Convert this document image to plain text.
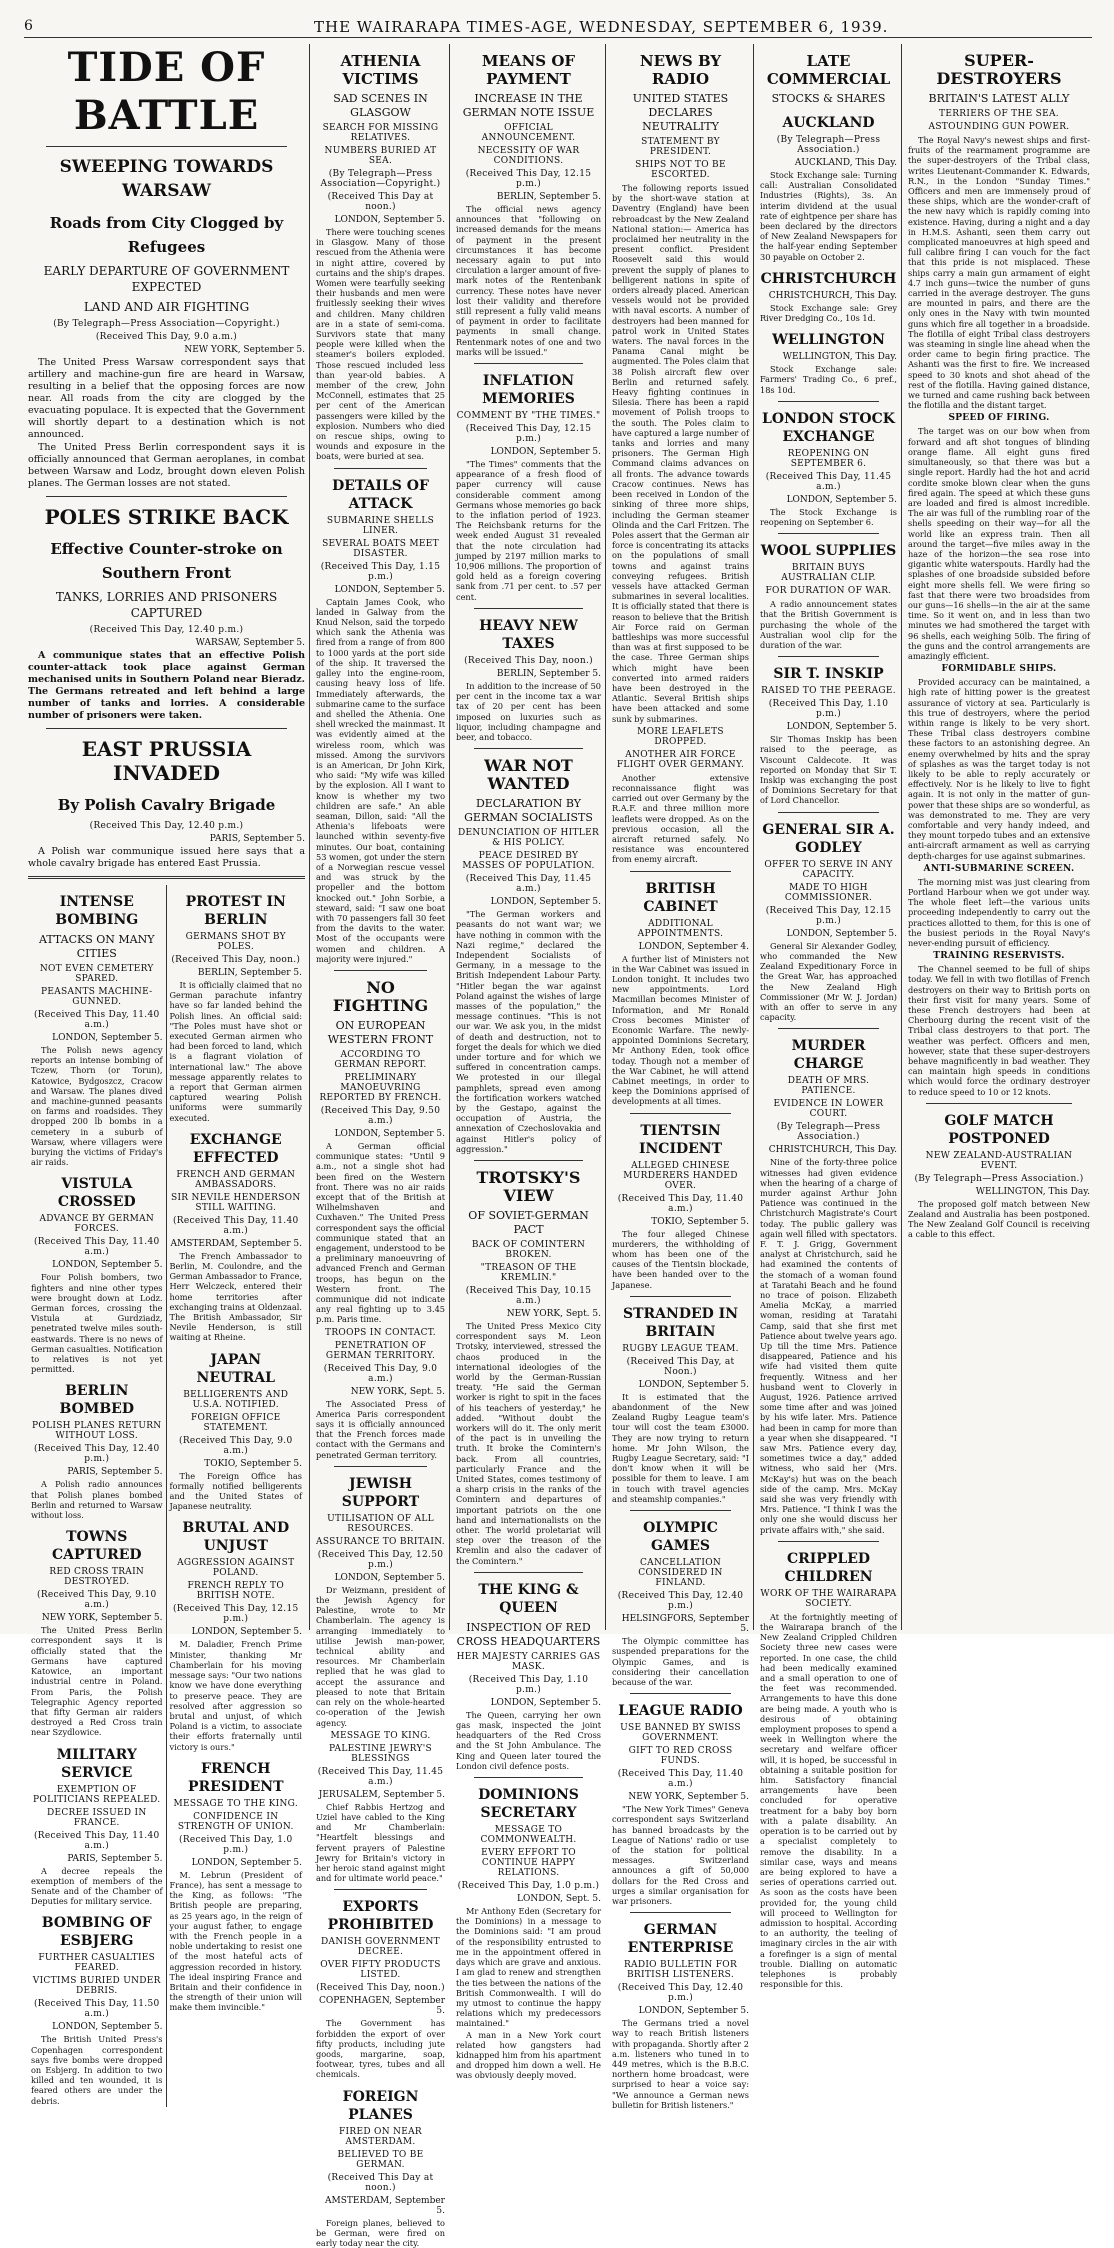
6	THE WAIRARAPA TIMES-AGE, WEDNESDAY, SEPTEMBER 6, 1939.
TIDE OF BATTLE
SWEEPING TOWARDS WARSAW
Roads from City Clogged by Refugees
EARLY DEPARTURE OF GOVERNMENT EXPECTED
LAND AND AIR FIGHTING
(By Telegraph—Press Association—Copyright.)
(Received This Day, 9.0 a.m.)
NEW YORK, September 5.

The United Press Warsaw correspondent says that artillery and machine-gun fire are heard in Warsaw, resulting in a belief that the opposing forces are now near. All roads from the city are clogged by the evacuating populace. It is expected that the Government will shortly depart to a destination which is not announced.

The United Press Berlin correspondent says it is officially announced that German aeroplanes, in combat between Warsaw and Lodz, brought down eleven Polish planes. The German losses are not stated.

POLES STRIKE BACK
Effective Counter-stroke on Southern Front
TANKS, LORRIES AND PRISONERS CAPTURED
(Received This Day, 12.40 p.m.)
WARSAW, September 5.

A communique states that an effective Polish counter-attack took place against German mechanised units in Southern Poland near Bieradz. The Germans retreated and left behind a large number of tanks and lorries. A considerable number of prisoners were taken.

EAST PRUSSIA INVADED
By Polish Cavalry Brigade
(Received This Day, 12.40 p.m.)
PARIS, September 5.

A Polish war communique issued here says that a whole cavalry brigade has entered East Prussia.

INTENSE BOMBING
ATTACKS ON MANY CITIES
NOT EVEN CEMETERY SPARED.
PEASANTS MACHINE-GUNNED.
(Received This Day, 11.40 a.m.)
LONDON, September 5.

The Polish news agency reports an intense bombing of Tczew, Thorn (or Torun), Katowice, Bydgoszcz, Cracow and Warsaw. The planes dived and machine-gunned peasants on farms and roadsides. They dropped 200 lb bombs in a cemetery in a suburb of Warsaw, where villagers were burying the victims of Friday's air raids.

VISTULA CROSSED
ADVANCE BY GERMAN FORCES.
(Received This Day, 11.40 a.m.)
LONDON, September 5.

Four Polish bombers, two fighters and nine other types were brought down at Lodz. German forces, crossing the Vistula at Gurdziadz, penetrated twelve miles south-eastwards. There is no news of German casualties. Notification to relatives is not yet permitted.

BERLIN BOMBED
POLISH PLANES RETURN WITHOUT LOSS.
(Received This Day, 12.40 p.m.)
PARIS, September 5.

A Polish radio announces that Polish planes bombed Berlin and returned to Warsaw without loss.

TOWNS CAPTURED
RED CROSS TRAIN DESTROYED.
(Received This Day, 9.10 a.m.)
NEW YORK, September 5.

The United Press Berlin correspondent says it is officially stated that the Germans have captured Katowice, an important industrial centre in Poland. From Paris, the Polish Telegraphic Agency reported that fifty German air raiders destroyed a Red Cross train near Szydlowice.

MILITARY SERVICE
EXEMPTION OF POLITICIANS REPEALED.
DECREE ISSUED IN FRANCE.
(Received This Day, 11.40 a.m.)
PARIS, September 5.

A decree repeals the exemption of members of the Senate and of the Chamber of Deputies for military service.

BOMBING OF ESBJERG
FURTHER CASUALTIES FEARED.
VICTIMS BURIED UNDER DEBRIS.
(Received This Day, 11.50 a.m.)
LONDON, September 5.

The British United Press's Copenhagen correspondent says five bombs were dropped on Esbjerg. In addition to two killed and ten wounded, it is feared others are under the debris.

PROTEST IN BERLIN
GERMANS SHOT BY POLES.
(Received This Day, noon.)
BERLIN, September 5.

It is officially claimed that no German parachute infantry have so far landed behind the Polish lines. An official said: "The Poles must have shot or executed German airmen who had been forced to land, which is a flagrant violation of international law." The above message apparently relates to a report that German airmen captured wearing Polish uniforms were summarily executed.

EXCHANGE EFFECTED
FRENCH AND GERMAN AMBASSADORS.
SIR NEVILE HENDERSON STILL WAITING.
(Received This Day, 11.40 a.m.)
AMSTERDAM, September 5.

The French Ambassador to Berlin, M. Coulondre, and the German Ambassador to France, Herr Welczeck, entered their home territories after exchanging trains at Oldenzaal. The British Ambassador, Sir Nevile Henderson, is still waiting at Rheine.

JAPAN NEUTRAL
BELLIGERENTS AND U.S.A. NOTIFIED.
FOREIGN OFFICE STATEMENT.
(Received This Day, 9.0 a.m.)
TOKIO, September 5.

The Foreign Office has formally notified belligerents and the United States of Japanese neutrality.

BRUTAL AND UNJUST
AGGRESSION AGAINST POLAND.
FRENCH REPLY TO BRITISH NOTE.
(Received This Day, 12.15 p.m.)
LONDON, September 5.

M. Daladier, French Prime Minister, thanking Mr Chamberlain for his moving message says: "Our two nations know we have done everything to preserve peace. They are resolved after aggression so brutal and unjust, of which Poland is a victim, to associate their efforts fraternally until victory is ours."

FRENCH PRESIDENT
MESSAGE TO THE KING.
CONFIDENCE IN STRENGTH OF UNION.
(Received This Day, 1.0 p.m.)
LONDON, September 5.

M. Lebrun (President of France), has sent a message to the King, as follows: "The British people are preparing, as 25 years ago, in the reign of your august father, to engage with the French people in a noble undertaking to resist one of the most hateful acts of aggression recorded in history. The ideal inspiring France and Britain and their confidence in the strength of their union will make them invincible."

ATHENIA VICTIMS
SAD SCENES IN GLASGOW
SEARCH FOR MISSING RELATIVES.
NUMBERS BURIED AT SEA.
(By Telegraph—Press Association—Copyright.)
(Received This Day at noon.)
LONDON, September 5.

There were touching scenes in Glasgow. Many of those rescued from the Athenia were in night attire, covered by curtains and the ship's drapes. Women were tearfully seeking their husbands and men were fruitlessly seeking their wives and children. Many children are in a state of semi-coma. Survivors state that many people were killed when the steamer's boilers exploded. Those rescued included less than year-old babies. A member of the crew, John McConnell, estimates that 25 per cent of the American passengers were killed by the explosion. Numbers who died on rescue ships, owing to wounds and exposure in the boats, were buried at sea.

DETAILS OF ATTACK
SUBMARINE SHELLS LINER.
SEVERAL BOATS MEET DISASTER.
(Received This Day, 1.15 p.m.)
LONDON, September 5.

Captain James Cook, who landed in Galway from the Knud Nelson, said the torpedo which sank the Athenia was fired from a range of from 800 to 1000 yards at the port side of the ship. It traversed the galley into the engine-room, causing heavy loss of life. Immediately afterwards, the submarine came to the surface and shelled the Athenia. One shell wrecked the mainmast. It was evidently aimed at the wireless room, which was missed. Among the survivors is an American, Dr John Kirk, who said: "My wife was killed by the explosion. All I want to know is whether my two children are safe." An able seaman, Dillon, said: "All the Athenia's lifeboats were launched within seventy-five minutes. Our boat, containing 53 women, got under the stern of a Norwegian rescue vessel and was struck by the propeller and the bottom knocked out." John Sorbie, a steward, said: "I saw one boat with 70 passengers fall 30 feet from the davits to the water. Most of the occupants were women and children. A majority were injured."

NO FIGHTING
ON EUROPEAN WESTERN FRONT
ACCORDING TO GERMAN REPORT.
PRELIMINARY MANOEUVRING REPORTED BY FRENCH.
(Received This Day, 9.50 a.m.)
LONDON, September 5.

A German official communique states: "Until 9 a.m., not a single shot had been fired on the Western front. There was no air raids except that of the British at Wilhelmshaven and Cuxhaven." The United Press correspondent says the official communique stated that an engagement, understood to be a preliminary manoeuvring of advanced French and German troops, has begun on the Western front. The communique did not indicate any real fighting up to 3.45 p.m. Paris time.

TROOPS IN CONTACT.
PENETRATION OF GERMAN TERRITORY.
(Received This Day, 9.0 a.m.)
NEW YORK, Sept. 5.

The Associated Press of America Paris correspondent says it is officially announced that the French forces made contact with the Germans and penetrated German territory.

JEWISH SUPPORT
UTILISATION OF ALL RESOURCES.
ASSURANCE TO BRITAIN.
(Received This Day, 12.50 p.m.)
LONDON, September 5.

Dr Weizmann, president of the Jewish Agency for Palestine, wrote to Mr Chamberlain. The agency is arranging immediately to utilise Jewish man-power, technical ability and resources. Mr Chamberlain replied that he was glad to accept the assurance and pleased to note that Britain can rely on the whole-hearted co-operation of the Jewish agency.

MESSAGE TO KING.
PALESTINE JEWRY'S BLESSINGS
(Received This Day, 11.45 a.m.)
JERUSALEM, September 5.

Chief Rabbis Hertzog and Uziel have cabled to the King and Mr Chamberlain: "Heartfelt blessings and fervent prayers of Palestine Jewry for Britain's victory in her heroic stand against might and for ultimate world peace."

EXPORTS PROHIBITED
DANISH GOVERNMENT DECREE.
OVER FIFTY PRODUCTS LISTED.
(Received This Day, noon.)
COPENHAGEN, September 5.

The Government has forbidden the export of over fifty products, including jute goods, margarine, soap, footwear, tyres, tubes and all chemicals.

FOREIGN PLANES
FIRED ON NEAR AMSTERDAM.
BELIEVED TO BE GERMAN.
(Received This Day at noon.)
AMSTERDAM, September 5.

Foreign planes, believed to be German, were fired on early today near the city.

MEANS OF PAYMENT
INCREASE IN THE GERMAN NOTE ISSUE
OFFICIAL ANNOUNCEMENT.
NECESSITY OF WAR CONDITIONS.
(Received This Day, 12.15 p.m.)
BERLIN, September 5.

The official news agency announces that "following on increased demands for the means of payment in the present circumstances it has become necessary again to put into circulation a larger amount of five-mark notes of the Rentenbank currency. These notes have never lost their validity and therefore still represent a fully valid means of payment in order to facilitate payments in small change. Rentenmark notes of one and two marks will be issued."

INFLATION MEMORIES
COMMENT BY "THE TIMES."
(Received This Day, 12.15 p.m.)
LONDON, September 5.

"The Times" comments that the appearance of a fresh flood of paper currency will cause considerable comment among Germans whose memories go back to the inflation period of 1923. The Reichsbank returns for the week ended August 31 revealed that the note circulation had jumped by 2197 million marks to 10,906 millions. The proportion of gold held as a foreign covering sank from .71 per cent. to .57 per cent.

HEAVY NEW TAXES
(Received This Day, noon.)
BERLIN, September 5.

In addition to the increase of 50 per cent in the income tax a war tax of 20 per cent has been imposed on luxuries such as liquor, including champagne and beer, and tobacco.

WAR NOT WANTED
DECLARATION BY GERMAN SOCIALISTS
DENUNCIATION OF HITLER & HIS POLICY.
PEACE DESIRED BY MASSES OF POPULATION.
(Received This Day, 11.45 a.m.)
LONDON, September 5.

"The German workers and peasants do not want war; we have nothing in common with the Nazi regime," declared the Independent Socialists of Germany, in a message to the British Independent Labour Party. "Hitler began the war against Poland against the wishes of large masses of the population," the message continues. "This is not our war. We ask you, in the midst of death and destruction, not to forget the deals for which we died under torture and for which we suffered in concentration camps. We protested in our illegal pamphlets, spread even among the fortification workers watched by the Gestapo, against the occupation of Austria, the annexation of Czechoslovakia and against Hitler's policy of aggression."

TROTSKY'S VIEW
OF SOVIET-GERMAN PACT
BACK OF COMINTERN BROKEN.
"TREASON OF THE KREMLIN."
(Received This Day, 10.15 a.m.)
NEW YORK, Sept. 5.

The United Press Mexico City correspondent says M. Leon Trotsky, interviewed, stressed the chaos produced in the international ideologies of the world by the German-Russian treaty. "He said the German worker is right to spit in the faces of his teachers of yesterday," he added. "Without doubt the workers will do it. The only merit of the pact is in unveiling the truth. It broke the Comintern's back. From all countries, particularly France and the United States, comes testimony of a sharp crisis in the ranks of the Comintern and departures of important patriots on the one hand and internationalists on the other. The world proletariat will step over the treason of the Kremlin and also the cadaver of the Comintern."

THE KING & QUEEN
INSPECTION OF RED CROSS HEADQUARTERS
HER MAJESTY CARRIES GAS MASK.
(Received This Day, 1.10 p.m.)
LONDON, September 5.

The Queen, carrying her own gas mask, inspected the joint headquarters of the Red Cross and the St John Ambulance. The King and Queen later toured the London civil defence posts.

DOMINIONS SECRETARY
MESSAGE TO COMMONWEALTH.
EVERY EFFORT TO CONTINUE HAPPY RELATIONS.
(Received This Day, 1.0 p.m.)
LONDON, Sept. 5.

Mr Anthony Eden (Secretary for the Dominions) in a message to the Dominions said: "I am proud of the responsibility entrusted to me in the appointment offered in days which are grave and anxious. I am glad to renew and strengthen the ties between the nations of the British Commonwealth. I will do my utmost to continue the happy relations which my predecessors maintained."

A man in a New York court related how gangsters had kidnapped him from his apartment and dropped him down a well. He was obviously deeply moved.

NEWS BY RADIO
UNITED STATES DECLARES NEUTRALITY
STATEMENT BY PRESIDENT.
SHIPS NOT TO BE ESCORTED.

The following reports issued by the short-wave station at Daventry (England) have been rebroadcast by the New Zealand National station:— America has proclaimed her neutrality in the present conflict. President Roosevelt said this would prevent the supply of planes to belligerent nations in spite of orders already placed. American vessels would not be provided with naval escorts. A number of destroyers had been manned for patrol work in United States waters. The naval forces in the Panama Canal might be augmented. The Poles claim that 38 Polish aircraft flew over Berlin and returned safely. Heavy fighting continues in Silesia. There has been a rapid movement of Polish troops to the south. The Poles claim to have captured a large number of tanks and lorries and many prisoners. The German High Command claims advances on all fronts. The advance towards Cracow continues. News has been received in London of the sinking of three more ships, including the German steamer Olinda and the Carl Fritzen. The Poles assert that the German air force is concentrating its attacks on the populations of small towns and against trains conveying refugees. British vessels have attacked German submarines in several localities. It is officially stated that there is reason to believe that the British Air Force raid on German battleships was more successful than was at first supposed to be the case. Three German ships which might have been converted into armed raiders have been destroyed in the Atlantic. Several British ships have been attacked and some sunk by submarines.

MORE LEAFLETS DROPPED.
ANOTHER AIR FORCE FLIGHT OVER GERMANY.

Another extensive reconnaissance flight was carried out over Germany by the R.A.F. and three million more leaflets were dropped. As on the previous occasion, all the aircraft returned safely. No resistance was encountered from enemy aircraft.

BRITISH CABINET
ADDITIONAL APPOINTMENTS.
LONDON, September 4.

A further list of Ministers not in the War Cabinet was issued in London tonight. It includes two new appointments. Lord Macmillan becomes Minister of Information, and Mr Ronald Cross becomes Minister of Economic Warfare. The newly-appointed Dominions Secretary, Mr Anthony Eden, took office today. Though not a member of the War Cabinet, he will attend Cabinet meetings, in order to keep the Dominions apprised of developments at all times.

TIENTSIN INCIDENT
ALLEGED CHINESE MURDERERS HANDED OVER.
(Received This Day, 11.40 a.m.)
TOKIO, September 5.

The four alleged Chinese murderers, the withholding of whom has been one of the causes of the Tientsin blockade, have been handed over to the Japanese.

STRANDED IN BRITAIN
RUGBY LEAGUE TEAM.
(Received This Day, at Noon.)
LONDON, September 5.

It is estimated that the abandonment of the New Zealand Rugby League team's tour will cost the team £3000. They are now trying to return home. Mr John Wilson, the Rugby League Secretary, said: "I don't know when it will be possible for them to leave. I am in touch with travel agencies and steamship companies."

OLYMPIC GAMES
CANCELLATION CONSIDERED IN FINLAND.
(Received This Day, 12.40 p.m.)
HELSINGFORS, September 5.

The Olympic committee has suspended preparations for the Olympic Games, and is considering their cancellation because of the war.

LEAGUE RADIO
USE BANNED BY SWISS GOVERNMENT.
GIFT TO RED CROSS FUNDS.
(Received This Day, 11.40 a.m.)
NEW YORK, September 5.

"The New York Times" Geneva correspondent says Switzerland has banned broadcasts by the League of Nations' radio or use of the station for political messages. Switzerland announces a gift of 50,000 dollars for the Red Cross and urges a similar organisation for war prisoners.

GERMAN ENTERPRISE
RADIO BULLETIN FOR BRITISH LISTENERS.
(Received This Day, 12.40 p.m.)
LONDON, September 5.

The Germans tried a novel way to reach British listeners with propaganda. Shortly after 2 a.m. listeners who tuned in to 449 metres, which is the B.B.C. northern home broadcast, were surprised to hear a voice say: "We announce a German news bulletin for British listeners."

LATE COMMERCIAL
STOCKS & SHARES
AUCKLAND
(By Telegraph—Press Association.)
AUCKLAND, This Day.

Stock Exchange sale: Turning call: Australian Consolidated Industries (Rights), 3s. An interim dividend at the usual rate of eightpence per share has been declared by the directors of New Zealand Newspapers for the half-year ending September 30 payable on October 2.

CHRISTCHURCH
CHRISTCHURCH, This Day.

Stock Exchange sale: Grey River Dredging Co., 10s 1d.

WELLINGTON
WELLINGTON, This Day.

Stock Exchange sale: Farmers' Trading Co., 6 pref., 18s 10d.

LONDON STOCK EXCHANGE
REOPENING ON SEPTEMBER 6.
(Received This Day, 11.45 a.m.)
LONDON, September 5.

The Stock Exchange is reopening on September 6.

WOOL SUPPLIES
BRITAIN BUYS AUSTRALIAN CLIP.
FOR DURATION OF WAR.

A radio announcement states that the British Government is purchasing the whole of the Australian wool clip for the duration of the war.

SIR T. INSKIP
RAISED TO THE PEERAGE.
(Received This Day, 1.10 p.m.)
LONDON, September 5.

Sir Thomas Inskip has been raised to the peerage, as Viscount Caldecote. It was reported on Monday that Sir T. Inskip was exchanging the post of Dominions Secretary for that of Lord Chancellor.

GENERAL SIR A. GODLEY
OFFER TO SERVE IN ANY CAPACITY.
MADE TO HIGH COMMISSIONER.
(Received This Day, 12.15 p.m.)
LONDON, September 5.

General Sir Alexander Godley, who commanded the New Zealand Expeditionary Force in the Great War, has approached the New Zealand High Commissioner (Mr W. J. Jordan) with an offer to serve in any capacity.

MURDER CHARGE
DEATH OF MRS. PATIENCE.
EVIDENCE IN LOWER COURT.
(By Telegraph—Press Association.)
CHRISTCHURCH, This Day.

Nine of the forty-three police witnesses had given evidence when the hearing of a charge of murder against Arthur John Patience was continued in the Christchurch Magistrate's Court today. The public gallery was again well filled with spectators. F. T. J. Grigg, Government analyst at Christchurch, said he had examined the contents of the stomach of a woman found at Taratahi Beach and he found no trace of poison. Elizabeth Amelia McKay, a married woman, residing at Taratahi Camp, said that she first met Patience about twelve years ago. Up till the time Mrs. Patience disappeared, Patience and his wife had visited them quite frequently. Witness and her husband went to Cloverly in August, 1926. Patience arrived some time after and was joined by his wife later. Mrs. Patience had been in camp for more than a year when she disappeared. "I saw Mrs. Patience every day, sometimes twice a day," added witness, who said her (Mrs. McKay's) hut was on the beach side of the camp. Mrs. McKay said she was very friendly with Mrs. Patience. "I think I was the only one she would discuss her private affairs with," she said.

CRIPPLED CHILDREN
WORK OF THE WAIRARAPA SOCIETY.

At the fortnightly meeting of the Wairarapa branch of the New Zealand Crippled Children Society three new cases were reported. In one case, the child had been medically examined and a small operation to one of the feet was recommended. Arrangements to have this done are being made. A youth who is desirous of obtaining employment proposes to spend a week in Wellington where the secretary and welfare officer will, it is hoped, be successful in obtaining a suitable position for him. Satisfactory financial arrangements have been concluded for operative treatment for a baby boy born with a palate disability. An operation is to be carried out by a specialist completely to remove the disability. In a similar case, ways and means are being explored to have a series of operations carried out. As soon as the costs have been provided for, the young child will proceed to Wellington for admission to hospital. According to an authority, the teeling of imaginary circles in the air with a forefinger is a sign of mental trouble. Dialling on automatic telephones is probably responsible for this.

SUPER-DESTROYERS
BRITAIN'S LATEST ALLY
TERRIERS OF THE SEA.
ASTOUNDING GUN POWER.

The Royal Navy's newest ships and first-fruits of the rearmament programme are the super-destroyers of the Tribal class, writes Lieutenant-Commander K. Edwards, R.N., in the London "Sunday Times." Officers and men are immensely proud of these ships, which are the wonder-craft of the new navy which is rapidly coming into existence. Having, during a night and a day in H.M.S. Ashanti, seen them carry out complicated manoeuvres at high speed and full calibre firing I can vouch for the fact that this pride is not misplaced. These ships carry a main gun armament of eight 4.7 inch guns—twice the number of guns carried in the average destroyer. The guns are mounted in pairs, and there are the only ones in the Navy with twin mounted guns which fire all together in a broadside. The flotilla of eight Tribal class destroyers was steaming in single line ahead when the order came to begin firing practice. The Ashanti was the first to fire. We increased speed to 30 knots and shot ahead of the rest of the flotilla. Having gained distance, we turned and came rushing back between the flotilla and the distant target.

SPEED OF FIRING.

The target was on our bow when from forward and aft shot tongues of blinding orange flame. All eight guns fired simultaneously, so that there was but a single report. Hardly had the hot and acrid cordite smoke blown clear when the guns fired again. The speed at which these guns are loaded and fired is almost incredible. The air was full of the rumbling roar of the shells speeding on their way—for all the world like an express train. Then all around the target—five miles away in the haze of the horizon—the sea rose into gigantic white waterspouts. Hardly had the splashes of one broadside subsided before eight more shells fell. We were firing so fast that there were two broadsides from our guns—16 shells—in the air at the same time. So it went on, and in less than two minutes we had smothered the target with 96 shells, each weighing 50lb. The firing of the guns and the control arrangements are amazingly efficient.

FORMIDABLE SHIPS.

Provided accuracy can be maintained, a high rate of hitting power is the greatest assurance of victory at sea. Particularly is this true of destroyers, where the period within range is likely to be very short. These Tribal class destroyers combine these factors to an astonishing degree. An enemy overwhelmed by hits and the spray of splashes as was the target today is not likely to be able to reply accurately or effectively. Nor is he likely to live to fight again. It is not only in the matter of gun-power that these ships are so wonderful, as was demonstrated to me. They are very comfortable and very handy indeed, and they mount torpedo tubes and an extensive anti-aircraft armament as well as carrying depth-charges for use against submarines.

ANTI-SUBMARINE SCREEN.

The morning mist was just clearing from Portland Harbour when we got under way. The whole fleet left—the various units proceeding independently to carry out the practices allotted to them, for this is one of the busiest periods in the Royal Navy's never-ending pursuit of efficiency.

TRAINING RESERVISTS.

The Channel seemed to be full of ships today. We fell in with two flotillas of French destroyers on their way to British ports on their first visit for many years. Some of these French destroyers had been at Cherbourg during the recent visit of the Tribal class destroyers to that port. The weather was perfect. Officers and men, however, state that these super-destroyers behave magnificently in bad weather. They can maintain high speeds in conditions which would force the ordinary destroyer to reduce speed to 10 or 12 knots.

GOLF MATCH POSTPONED
NEW ZEALAND-AUSTRALIAN EVENT.
(By Telegraph—Press Association.)
WELLINGTON, This Day.

The proposed golf match between New Zealand and Australia has been postponed. The New Zealand Golf Council is receiving a cable to this effect.
